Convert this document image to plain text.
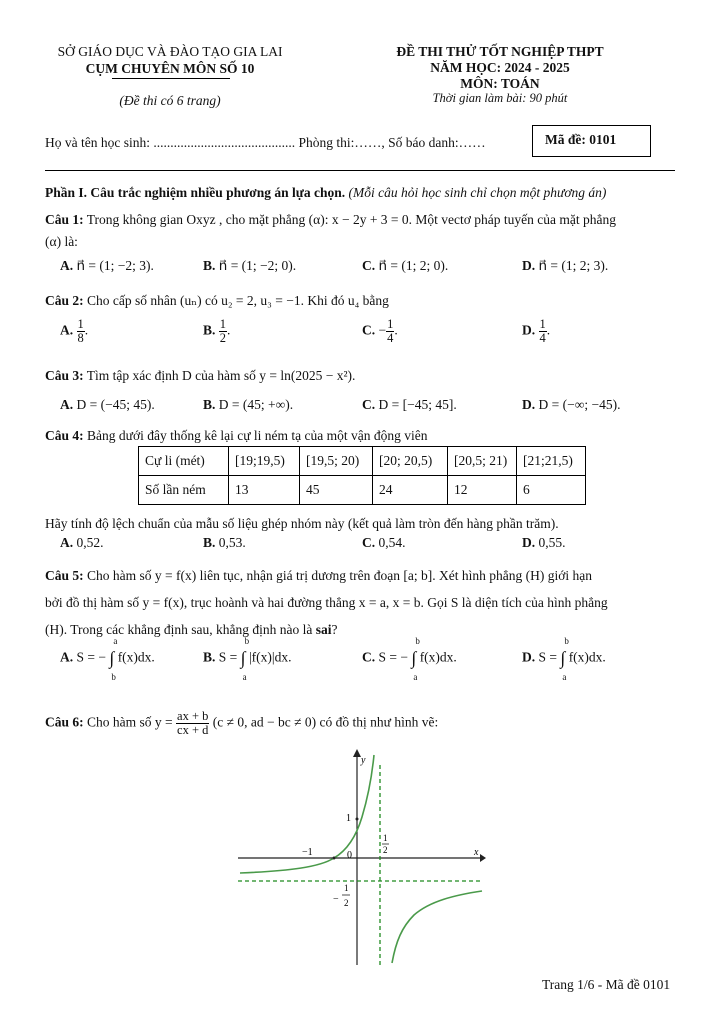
SỞ GIÁO DỤC VÀ ĐÀO TẠO GIA LAI
CỤM CHUYÊN MÔN SỐ 10
(Đề thi có 6 trang)
ĐỀ THI THỬ TỐT NGHIỆP THPT
NĂM HỌC: 2024 - 2025
MÔN: TOÁN
Thời gian làm bài: 90 phút
Họ và tên học sinh: .......................................... Phòng thi:……, Số báo danh:……	Mã đề: 0101
Phần I. Câu trắc nghiệm nhiều phương án lựa chọn. (Mỗi câu hỏi học sinh chỉ chọn một phương án)
Câu 1: Trong không gian Oxyz , cho mặt phẳng (α): x − 2y + 3 = 0. Một vectơ pháp tuyến của mặt phẳng
(α) là:
A. n⃗ = (1; −2; 3).	B. n⃗ = (1; −2; 0).	C. n⃗ = (1; 2; 0).	D. n⃗ = (1; 2; 3).
Câu 2: Cho cấp số nhân (uₙ) có u₂ = 2, u₃ = −1. Khi đó u₄ bằng
A. $\frac{1}{8}$ .	B. $\frac{1}{2}$ .	C. − $\frac{1}{4}$ .	D. $\frac{1}{4}$ .
Câu 3: Tìm tập xác định D của hàm số y = ln(2025 − x²).
A. D = (−45; 45).	B. D = (45; +∞).	C. D = [−45; 45].	D. D = (−∞; −45).
Câu 4: Bảng dưới đây thống kê lại cự li ném tạ của một vận động viên
Cự li (mét)	[19;19,5)	[19,5; 20)	[20; 20,5)	[20,5; 21)	[21;21,5)
Số lần ném	13	45	24	12	6
Hãy tính độ lệch chuẩn của mẫu số liệu ghép nhóm này (kết quả làm tròn đến hàng phần trăm).
A. 0,52.	B. 0,53.	C. 0,54.	D. 0,55.
Câu 5: Cho hàm số y = f(x) liên tục, nhận giá trị dương trên đoạn [a; b]. Xét hình phẳng (H) giới hạn
bởi đồ thị hàm số y = f(x), trục hoành và hai đường thẳng x = a, x = b. Gọi S là diện tích của hình phẳng
(H). Trong các khẳng định sau, khẳng định nào là sai?
A. S = − ∫
a
b
f(x)dx.	B. S = ∫
b
a
|f(x)|dx.	C. S = − ∫
b
a
f(x)dx.	D. S = ∫
b
a
f(x)dx.
Câu 6: Cho hàm số $y = \frac{ax + b}{cx + d} (c \ne 0$, ad − bc ≠ 0) có đồ thị như hình vẽ:
x
y
0
−1
1
1
2
−
1
2
Trang 1/6 - Mã đề 0101
